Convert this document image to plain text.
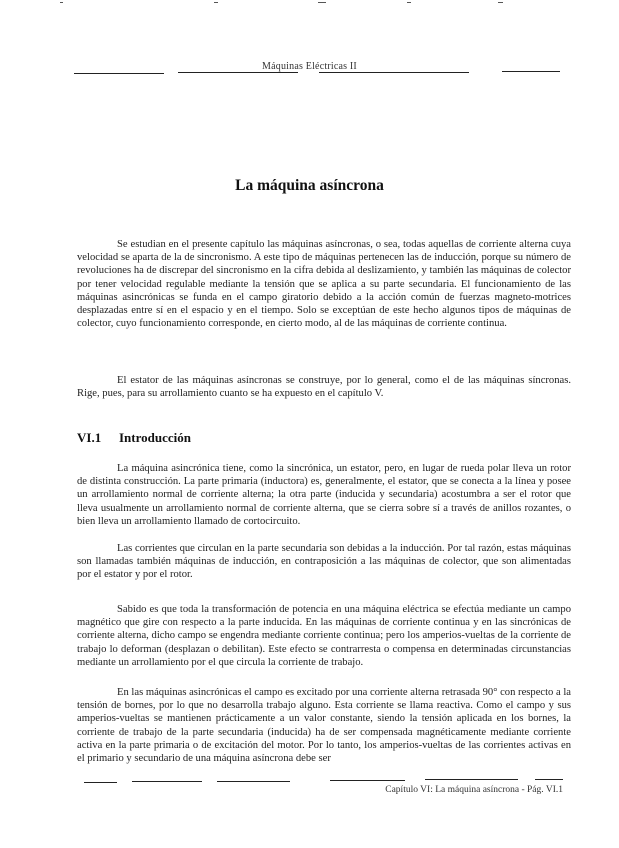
Máquinas Eléctricas II
La máquina asíncrona

Se estudian en el presente capítulo las máquinas asíncronas, o sea, todas aquellas de corriente alterna cuya velocidad se aparta de la de sincronismo. A este tipo de máquinas pertenecen las de inducción, porque su número de revoluciones ha de discrepar del sincronismo en la cifra debida al deslizamiento, y también las máquinas de colector por tener velocidad regulable mediante la tensión que se aplica a su parte secundaria. El funcionamiento de las máquinas asincrónicas se funda en el campo giratorio debido a la acción común de fuerzas magneto-motrices desplazadas entre sí en el espacio y en el tiempo. Solo se exceptúan de este hecho algunos tipos de máquinas de colector, cuyo funcionamiento corresponde, en cierto modo, al de las máquinas de corriente continua.

El estator de las máquinas asíncronas se construye, por lo general, como el de las máquinas síncronas. Rige, pues, para su arrollamiento cuanto se ha expuesto en el capítulo V.

VI.1 Introducción

La máquina asincrónica tiene, como la sincrónica, un estator, pero, en lugar de rueda polar lleva un rotor de distinta construcción. La parte primaria (inductora) es, generalmente, el estator, que se conecta a la línea y posee un arrollamiento normal de corriente alterna; la otra parte (inducida y secundaria) acostumbra a ser el rotor que lleva usualmente un arrollamiento normal de corriente alterna, que se cierra sobre sí a través de anillos rozantes, o bien lleva un arrollamiento llamado de cortocircuito.

Las corrientes que circulan en la parte secundaria son debidas a la inducción. Por tal razón, estas máquinas son llamadas también máquinas de inducción, en contraposición a las máquinas de colector, que son alimentadas por el estator y por el rotor.

Sabido es que toda la transformación de potencia en una máquina eléctrica se efectúa mediante un campo magnético que gire con respecto a la parte inducida. En las máquinas de corriente continua y en las sincrónicas de corriente alterna, dicho campo se engendra mediante corriente continua; pero los amperios-vueltas de la corriente de trabajo lo deforman (desplazan o debilitan). Este efecto se contrarresta o compensa en determinadas circunstancias mediante un arrollamiento por el que circula la corriente de trabajo.

En las máquinas asincrónicas el campo es excitado por una corriente alterna retrasada 90° con respecto a la tensión de bornes, por lo que no desarrolla trabajo alguno. Esta corriente se llama reactiva. Como el campo y sus amperios-vueltas se mantienen prácticamente a un valor constante, siendo la tensión aplicada en los bornes, la corriente de trabajo de la parte secundaria (inducida) ha de ser compensada magnéticamente mediante corriente activa en la parte primaria o de excitación del motor. Por lo tanto, los amperios-vueltas de las corrientes activas en el primario y secundario de una máquina asíncrona debe ser

Capítulo VI: La máquina asíncrona - Pág. VI.1
